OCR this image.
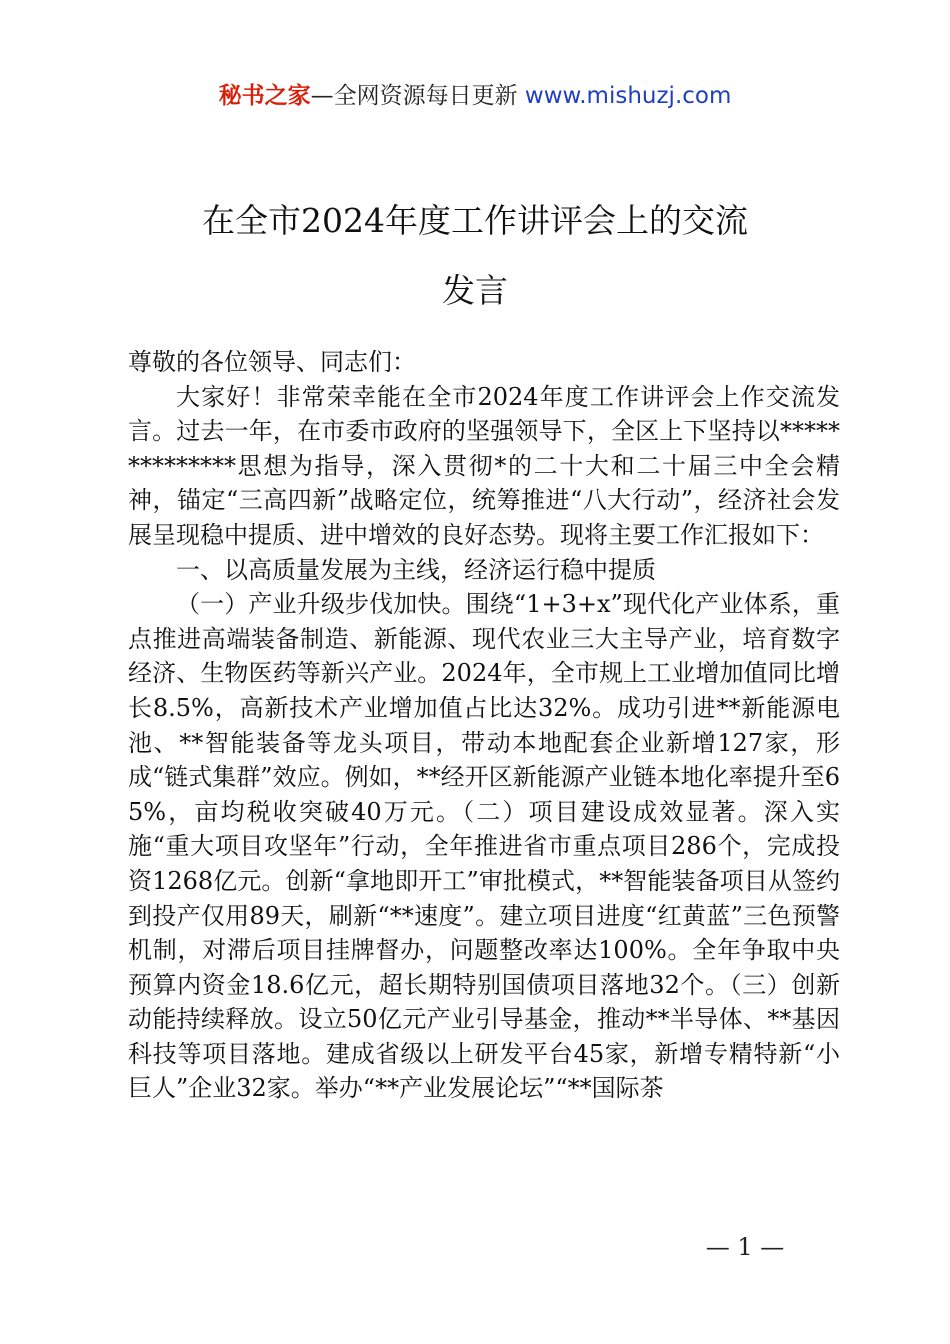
秘书之家—全网资源每日更新 www.mishuzj.com
在全市2024年度工作讲评会上的交流
发言

尊敬的各位领导、同志们：

大家好！非常荣幸能在全市2024年度工作讲评会上作交流发言。过去一年，在市委市政府的坚强领导下，全区上下坚持以**************思想为指导，深入贯彻*的二十大和二十届三中全会精神，锚定“三高四新”战略定位，统筹推进“八大行动”，经济社会发展呈现稳中提质、进中增效的良好态势。现将主要工作汇报如下：

一、以高质量发展为主线，经济运行稳中提质

（一）产业升级步伐加快。围绕“1+3+x”现代化产业体系，重点推进高端装备制造、新能源、现代农业三大主导产业，培育数字经济、生物医药等新兴产业。2024年，全市规上工业增加值同比增长8.5%，高新技术产业增加值占比达32%。成功引进**新能源电池、**智能装备等龙头项目，带动本地配套企业新增127家，形成“链式集群”效应。例如，**经开区新能源产业链本地化率提升至65%，亩均税收突破40万元。（二）项目建设成效显著。深入实施“重大项目攻坚年”行动，全年推进省市重点项目286个，完成投资1268亿元。创新“拿地即开工”审批模式，**智能装备项目从签约到投产仅用89天，刷新“**速度”。建立项目进度“红黄蓝”三色预警机制，对滞后项目挂牌督办，问题整改率达100%。全年争取中央预算内资金18.6亿元，超长期特别国债项目落地32个。（三）创新动能持续释放。设立50亿元产业引导基金，推动**半导体、**基因科技等项目落地。建成省级以上研发平台45家，新增专精特新“小巨人”企业32家。举办“**产业发展论坛”“**国际茶

— 1 —
